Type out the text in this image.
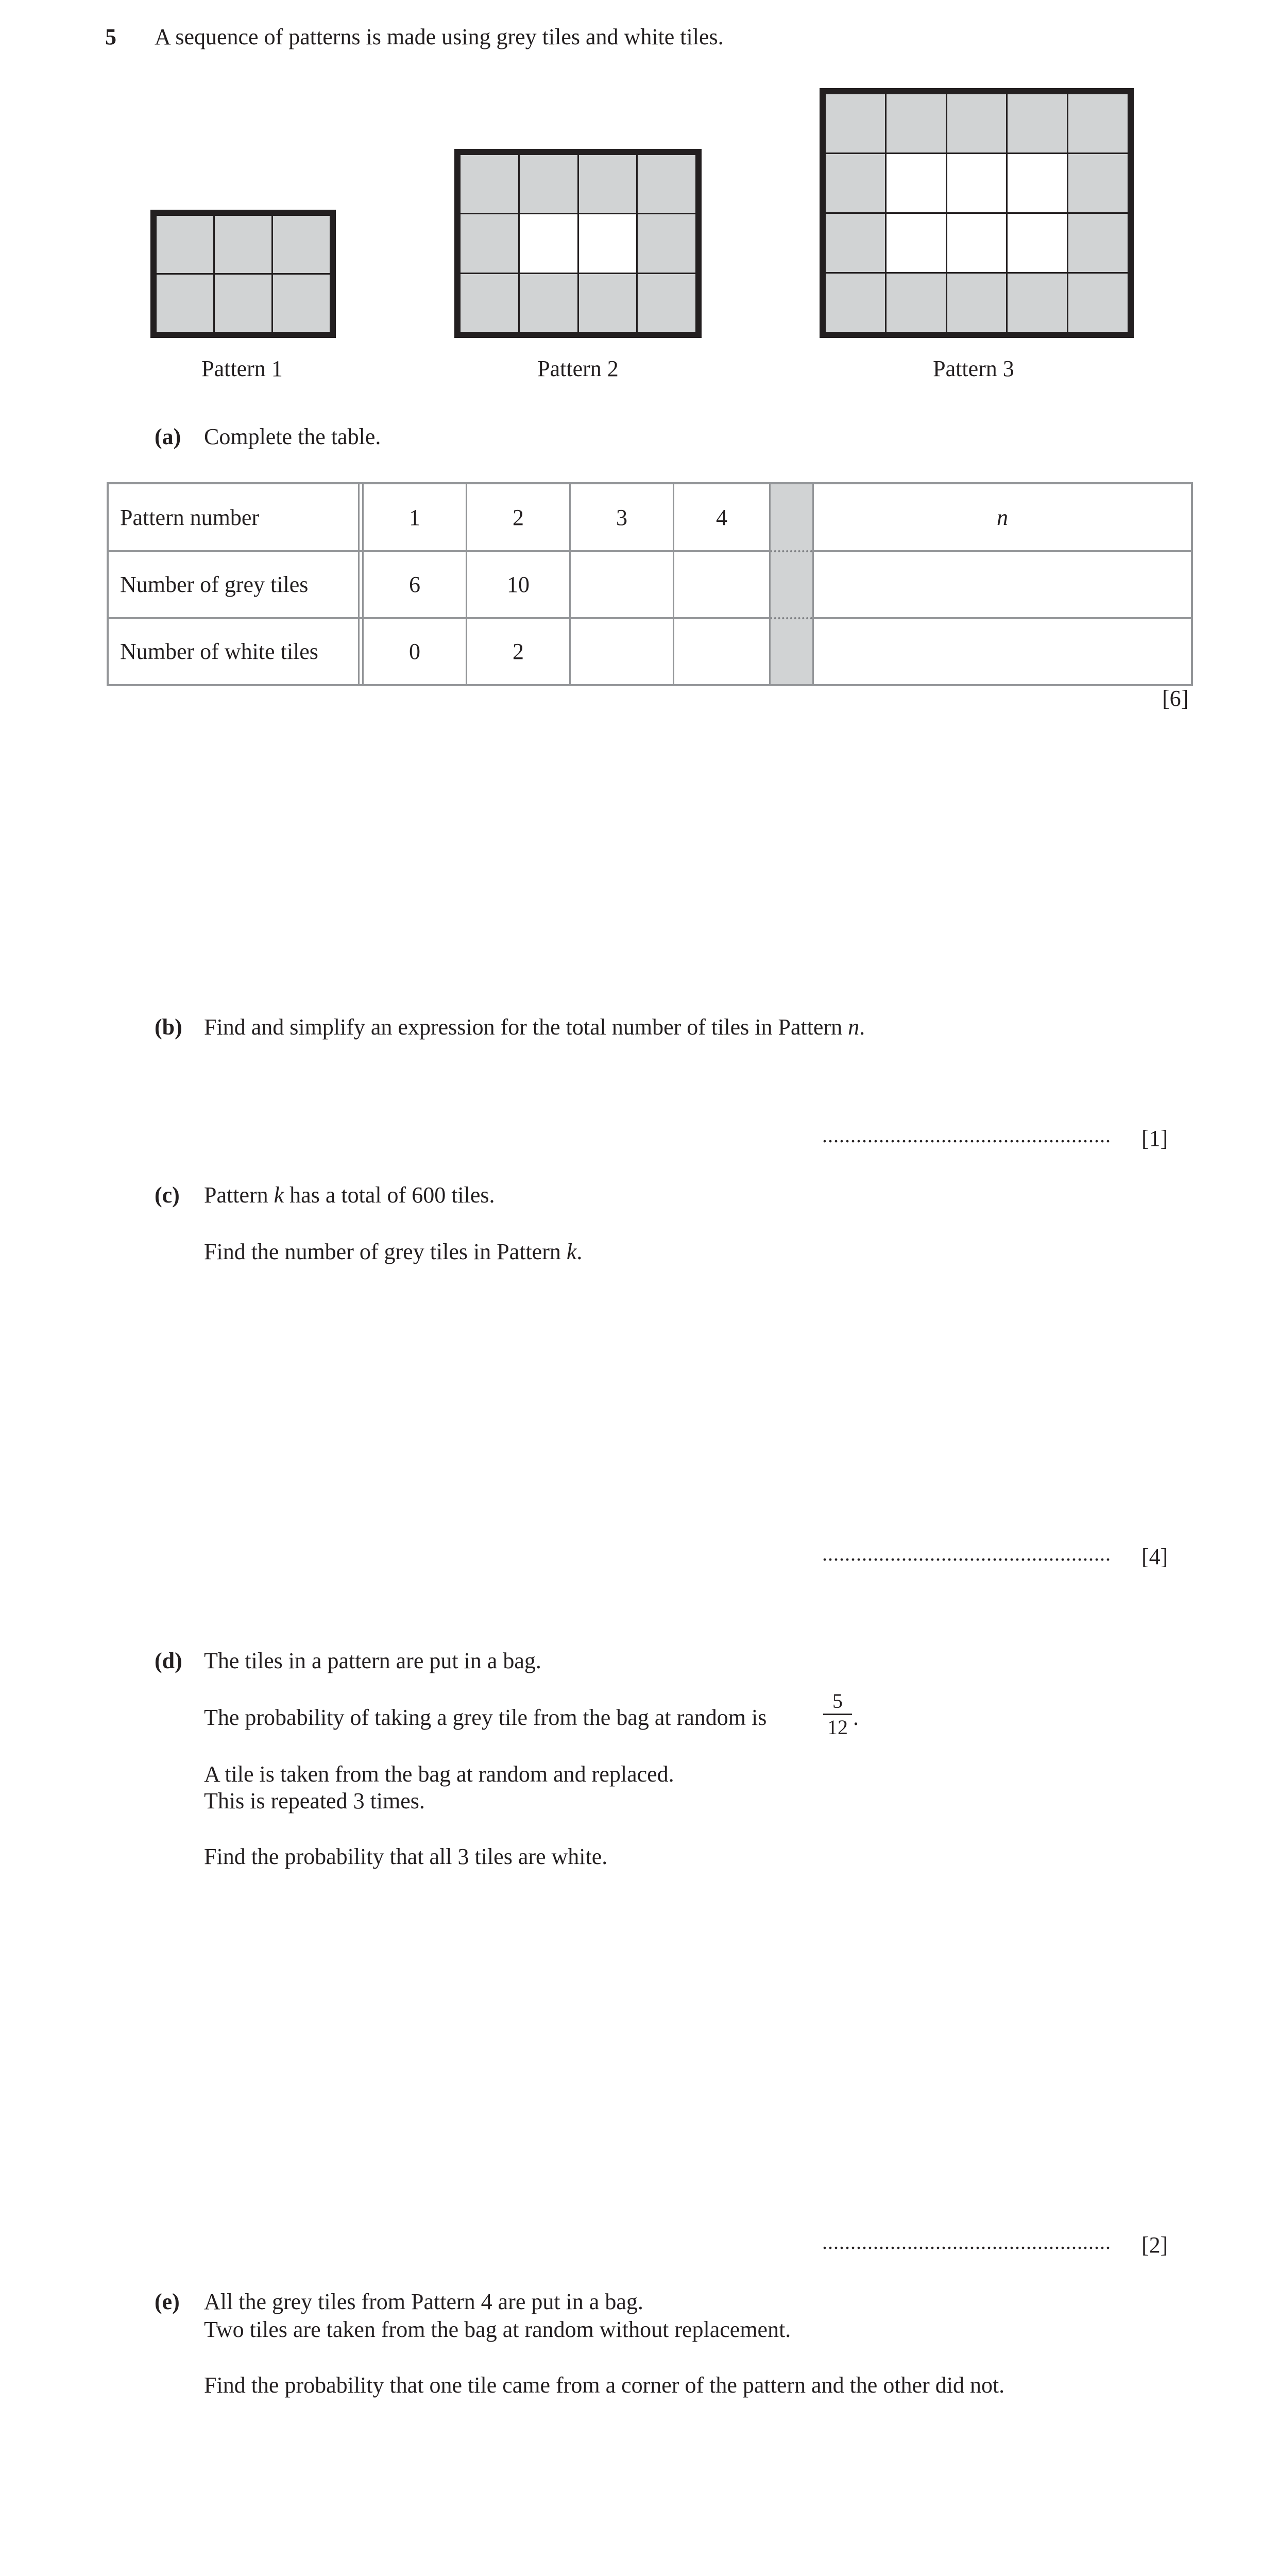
5 A sequence of patterns is made using grey tiles and white tiles.
Pattern 1	Pattern 2	Pattern 3
(a) Complete the table.
Pattern number	1	2	3	4	n
Number of grey tiles	6	10
Number of white tiles	0	2
[6]
(b) Find and simplify an expression for the total number of tiles in Pattern n.
................................................... [1]
(c) Pattern k has a total of 600 tiles.
Find the number of grey tiles in Pattern k.
................................................... [4]
(d) The tiles in a pattern are put in a bag.
The probability of taking a grey tile from the bag at random is
5
12 .
A tile is taken from the bag at random and replaced.
This is repeated 3 times.
Find the probability that all 3 tiles are white.
................................................... [2]
(e) All the grey tiles from Pattern 4 are put in a bag.
Two tiles are taken from the bag at random without replacement.
Find the probability that one tile came from a corner of the pattern and the other did not.
